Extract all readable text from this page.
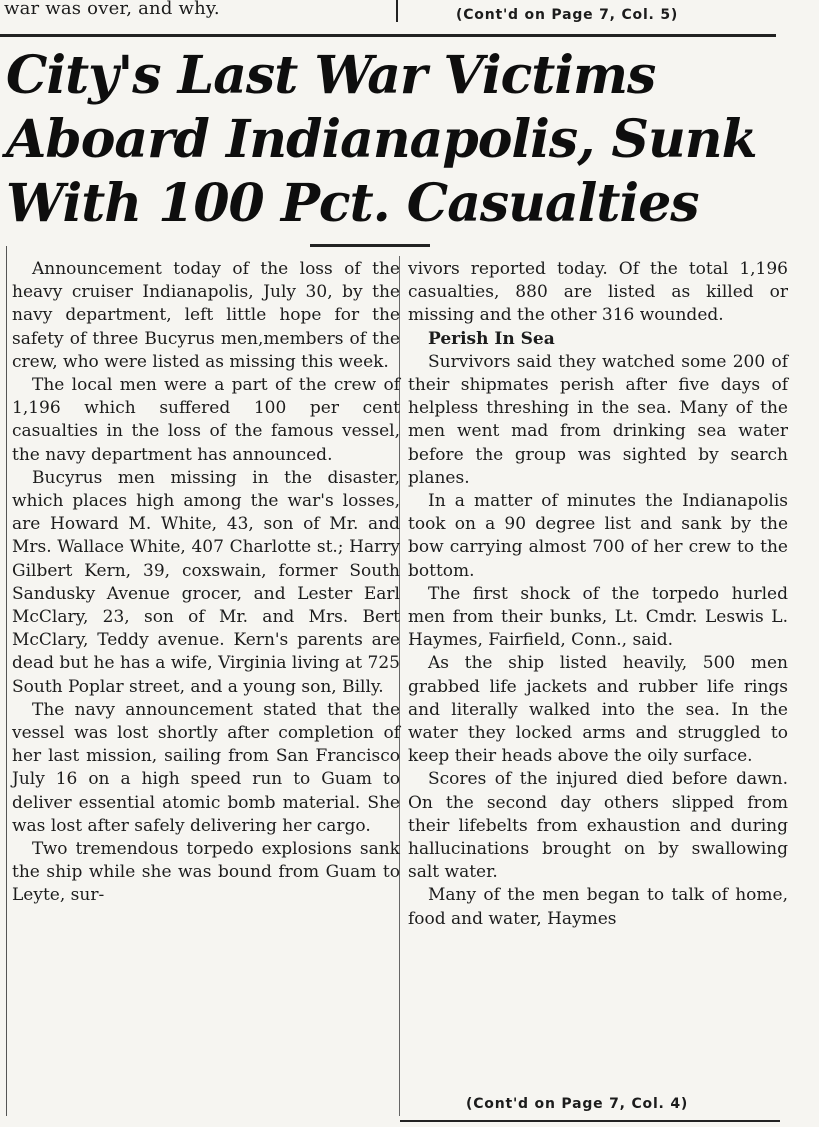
war was over, and why.	(Cont'd on Page 7, Col. 5)
City's Last War Victims
Aboard Indianapolis, Sunk
With 100 Pct. Casualties

Announcement today of the loss of the heavy cruiser Indianapolis, July 30, by the navy department, left little hope for the safety of three Bucyrus men,members of the crew, who were listed as missing this week.

The local men were a part of the crew of 1,196 which suffered 100 per cent casualties in the loss of the famous vessel, the navy department has announced.

Bucyrus men missing in the disaster, which places high among the war's losses, are Howard M. White, 43, son of Mr. and Mrs. Wallace White, 407 Charlotte st.; Harry Gilbert Kern, 39, coxswain, former South Sandusky Avenue grocer, and Lester Earl McClary, 23, son of Mr. and Mrs. Bert McClary, Teddy avenue. Kern's parents are dead but he has a wife, Virginia living at 725 South Poplar street, and a young son, Billy.

The navy announcement stated that the vessel was lost shortly after completion of her last mission, sailing from San Francisco July 16 on a high speed run to Guam to deliver essential atomic bomb material. She was lost after safely delivering her cargo.

Two tremendous torpedo explosions sank the ship while she was bound from Guam to Leyte, sur-

vivors reported today. Of the total 1,196 casualties, 880 are listed as killed or missing and the other 316 wounded.

Perish In Sea

Survivors said they watched some 200 of their shipmates perish after five days of helpless threshing in the sea. Many of the men went mad from drinking sea water before the group was sighted by search planes.

In a matter of minutes the Indianapolis took on a 90 degree list and sank by the bow carrying almost 700 of her crew to the bottom.

The first shock of the torpedo hurled men from their bunks, Lt. Cmdr. Leswis L. Haymes, Fairfield, Conn., said.

As the ship listed heavily, 500 men grabbed life jackets and rubber life rings and literally walked into the sea. In the water they locked arms and struggled to keep their heads above the oily surface.

Scores of the injured died before dawn. On the second day others slipped from their lifebelts from exhaustion and during hallucinations brought on by swallowing salt water.

Many of the men began to talk of home, food and water, Haymes

(Cont'd on Page 7, Col. 4)
